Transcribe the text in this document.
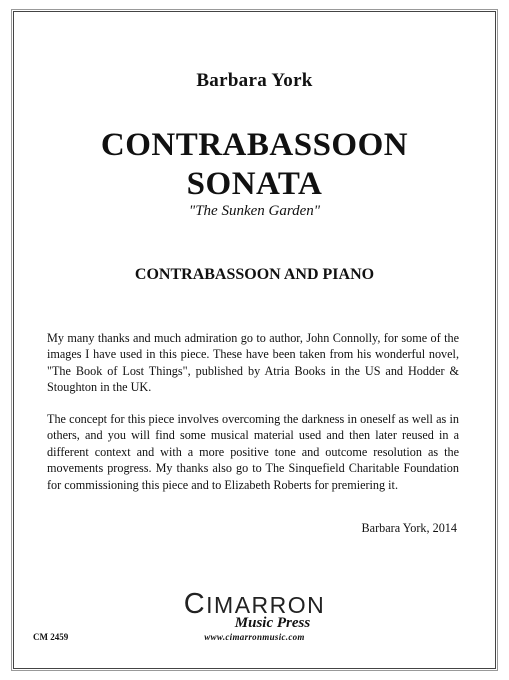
Barbara York
CONTRABASSOON
SONATA
"The Sunken Garden"
CONTRABASSOON AND PIANO
My many thanks and much admiration go to author, John Connolly, for some of the images I have used in this piece. These have been taken from his wonderful novel, "The Book of Lost Things", published by Atria Books in the US and Hodder & Stoughton in the UK.
The concept for this piece involves overcoming the darkness in oneself as well as in others, and you will find some musical material used and then later reused in a different context and with a more positive tone and outcome resolution as the movements progress. My thanks also go to The Sinquefield Charitable Foundation for commissioning this piece and to Elizabeth Roberts for premiering it.
Barbara York, 2014
CIMARRON
Music Press
www.cimarronmusic.com
CM 2459
